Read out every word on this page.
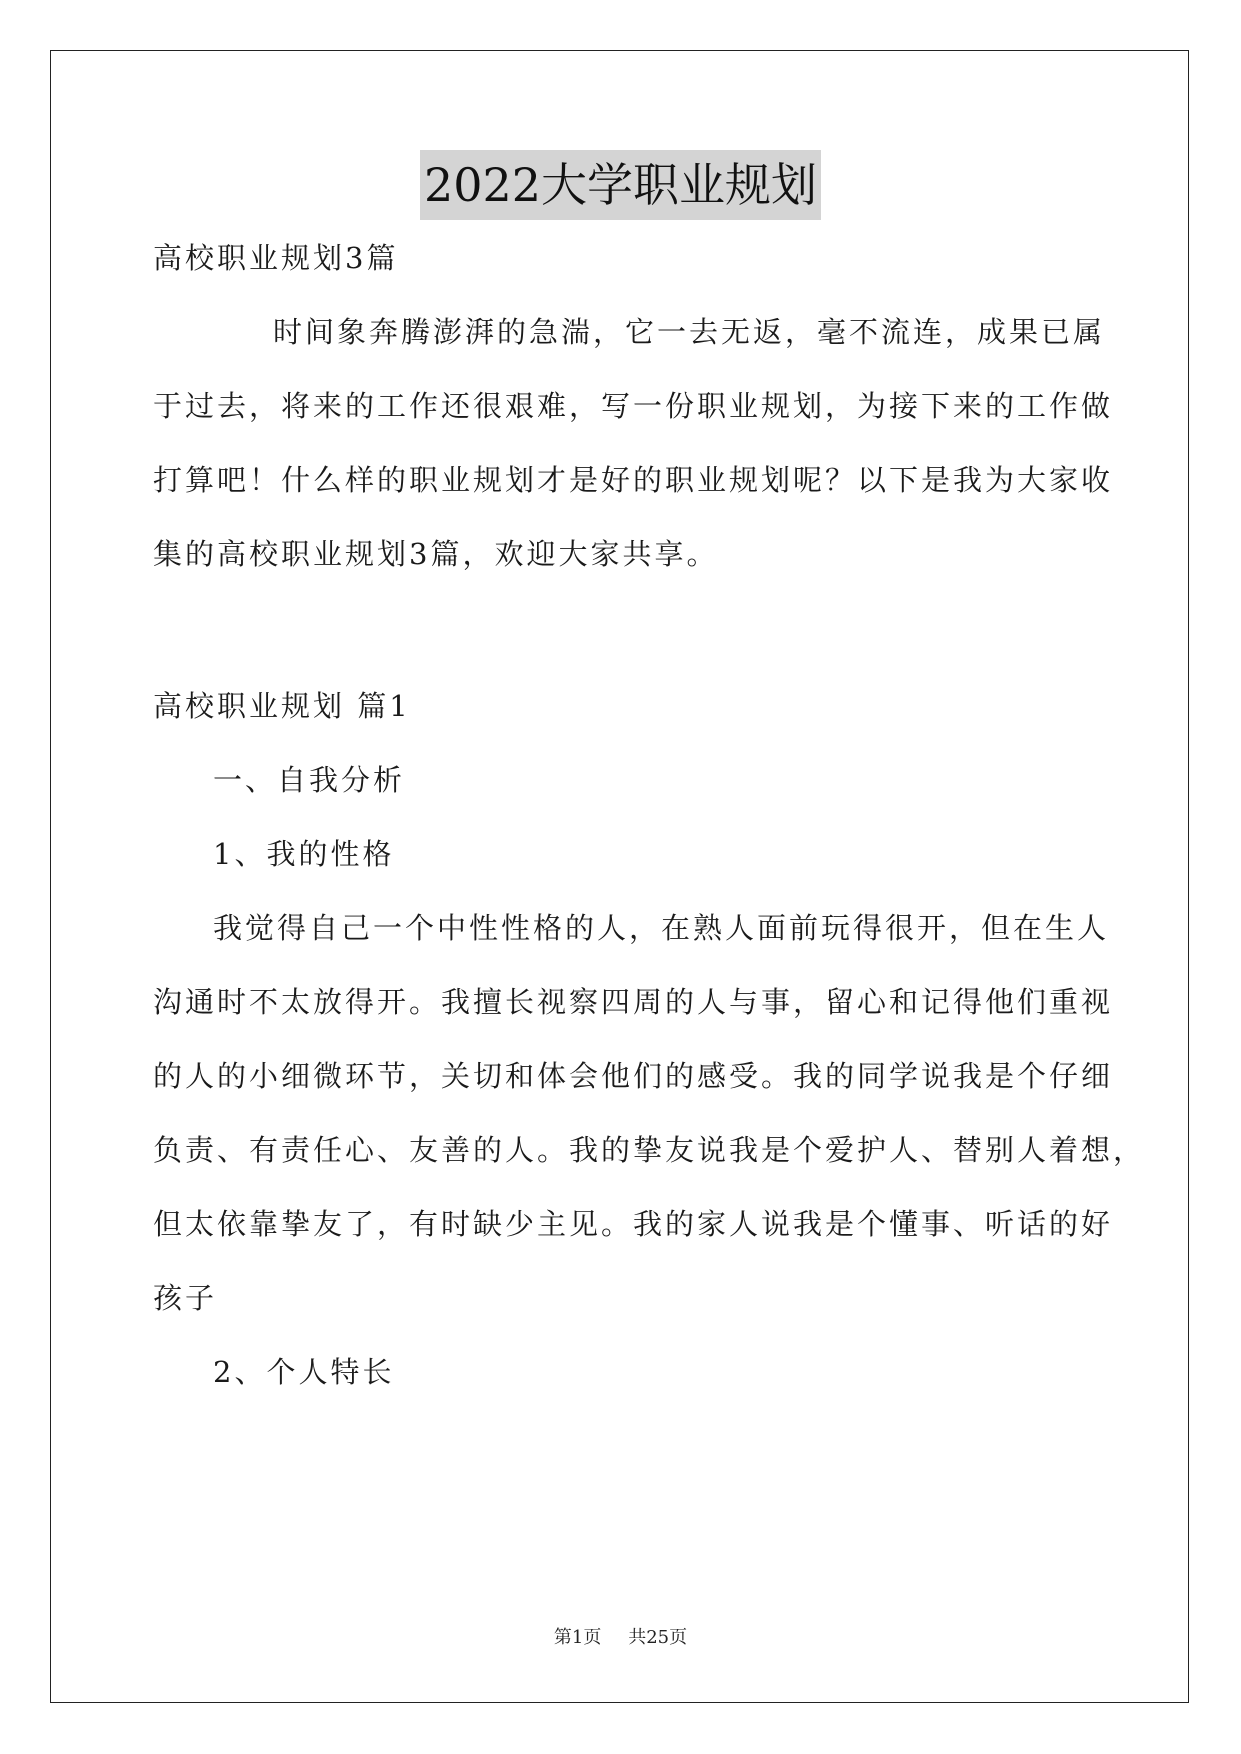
2022大学职业规划

高校职业规划3篇

时间象奔腾澎湃的急湍，它一去无返，毫不流连，成果已属

于过去，将来的工作还很艰难，写一份职业规划，为接下来的工作做

打算吧！什么样的职业规划才是好的职业规划呢？以下是我为大家收

集的高校职业规划3篇，欢迎大家共享。

高校职业规划 篇1

一、自我分析

1、我的性格

我觉得自己一个中性性格的人，在熟人面前玩得很开，但在生人

沟通时不太放得开。我擅长视察四周的人与事，留心和记得他们重视

的人的小细微环节，关切和体会他们的感受。我的同学说我是个仔细

负责、有责任心、友善的人。我的挚友说我是个爱护人、替别人着想，

但太依靠挚友了，有时缺少主见。我的家人说我是个懂事、听话的好

孩子

2、个人特长

第1页 共25页
